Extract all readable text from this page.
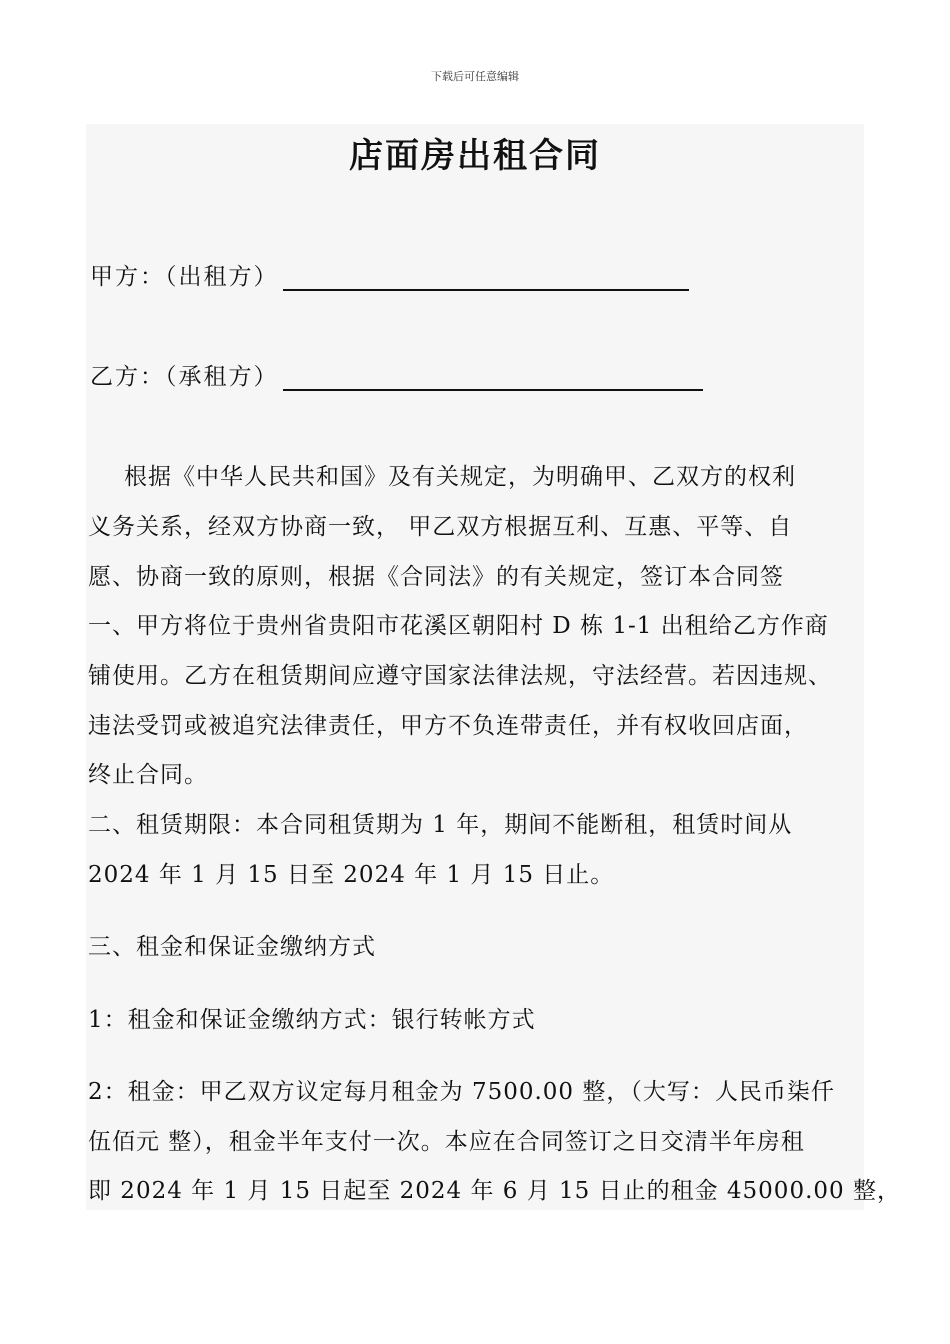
下载后可任意编辑
店面房出租合同
甲方：（出租方）
乙方：（承租方）
　根据《中华人民共和国》及有关规定，为明确甲、乙双方的权利
义务关系，经双方协商一致， 甲乙双方根据互利、互惠、平等、自
愿、协商一致的原则，根据《合同法》的有关规定，签订本合同签
一、甲方将位于贵州省贵阳市花溪区朝阳村 D 栋 1-1 出租给乙方作商
铺使用。乙方在租赁期间应遵守国家法律法规，守法经营。若因违规、
违法受罚或被追究法律责任，甲方不负连带责任，并有权收回店面，
终止合同。
二、租赁期限：本合同租赁期为 1 年，期间不能断租，租赁时间从
2024 年 1 月 15 日至 2024 年 1 月 15 日止。
三、租金和保证金缴纳方式
1：租金和保证金缴纳方式：银行转帐方式
2：租金：甲乙双方议定每月租金为 7500.00 整，（大写：人民币柒仟
伍佰元 整），租金半年支付一次。本应在合同签订之日交清半年房租
即 2024 年 1 月 15 日起至 2024 年 6 月 15 日止的租金 45000.00 整，
